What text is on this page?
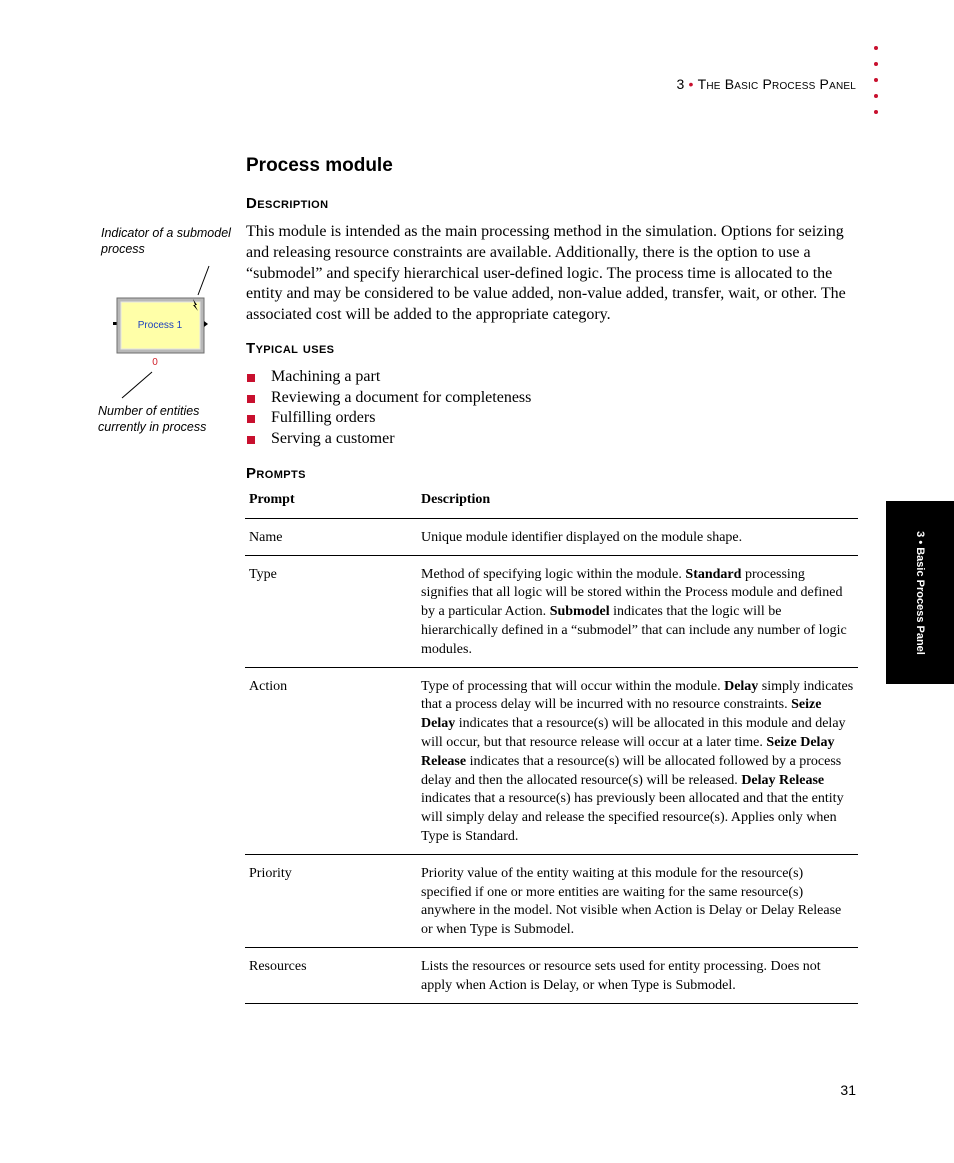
3 • The Basic Process Panel
3 • Basic Process Panel
Process module
Description

This module is intended as the main processing method in the simulation. Options for seizing and releasing resource constraints are available. Additionally, there is the option to use a “submodel” and specify hierarchical user-defined logic. The process time is allocated to the entity and may be considered to be value added, non-value added, transfer, wait, or other. The associated cost will be added to the appropriate category.

Typical uses
Machining a part
Reviewing a document for completeness
Fulfilling orders
Serving a customer
Prompts
Prompt	Description
Name	Unique module identifier displayed on the module shape.
Type	Method of specifying logic within the module. Standard processing signifies that all logic will be stored within the Process module and defined by a particular Action. Submodel indicates that the logic will be hierarchically defined in a “submodel” that can include any number of logic modules.
Action	Type of processing that will occur within the module. Delay simply indicates that a process delay will be incurred with no resource constraints. Seize Delay indicates that a resource(s) will be allocated in this module and delay will occur, but that resource release will occur at a later time. Seize Delay Release indicates that a resource(s) will be allocated followed by a process delay and then the allocated resource(s) will be released. Delay Release indicates that a resource(s) has previously been allocated and that the entity will simply delay and release the specified resource(s). Applies only when Type is Standard.
Priority	Priority value of the entity waiting at this module for the resource(s) specified if one or more entities are waiting for the same resource(s) anywhere in the model. Not visible when Action is Delay or Delay Release or when Type is Submodel.
Resources	Lists the resources or resource sets used for entity processing. Does not apply when Action is Delay, or when Type is Submodel.

Indicator of a submodel process

Process 1
0

Number of entities currently in process

31
